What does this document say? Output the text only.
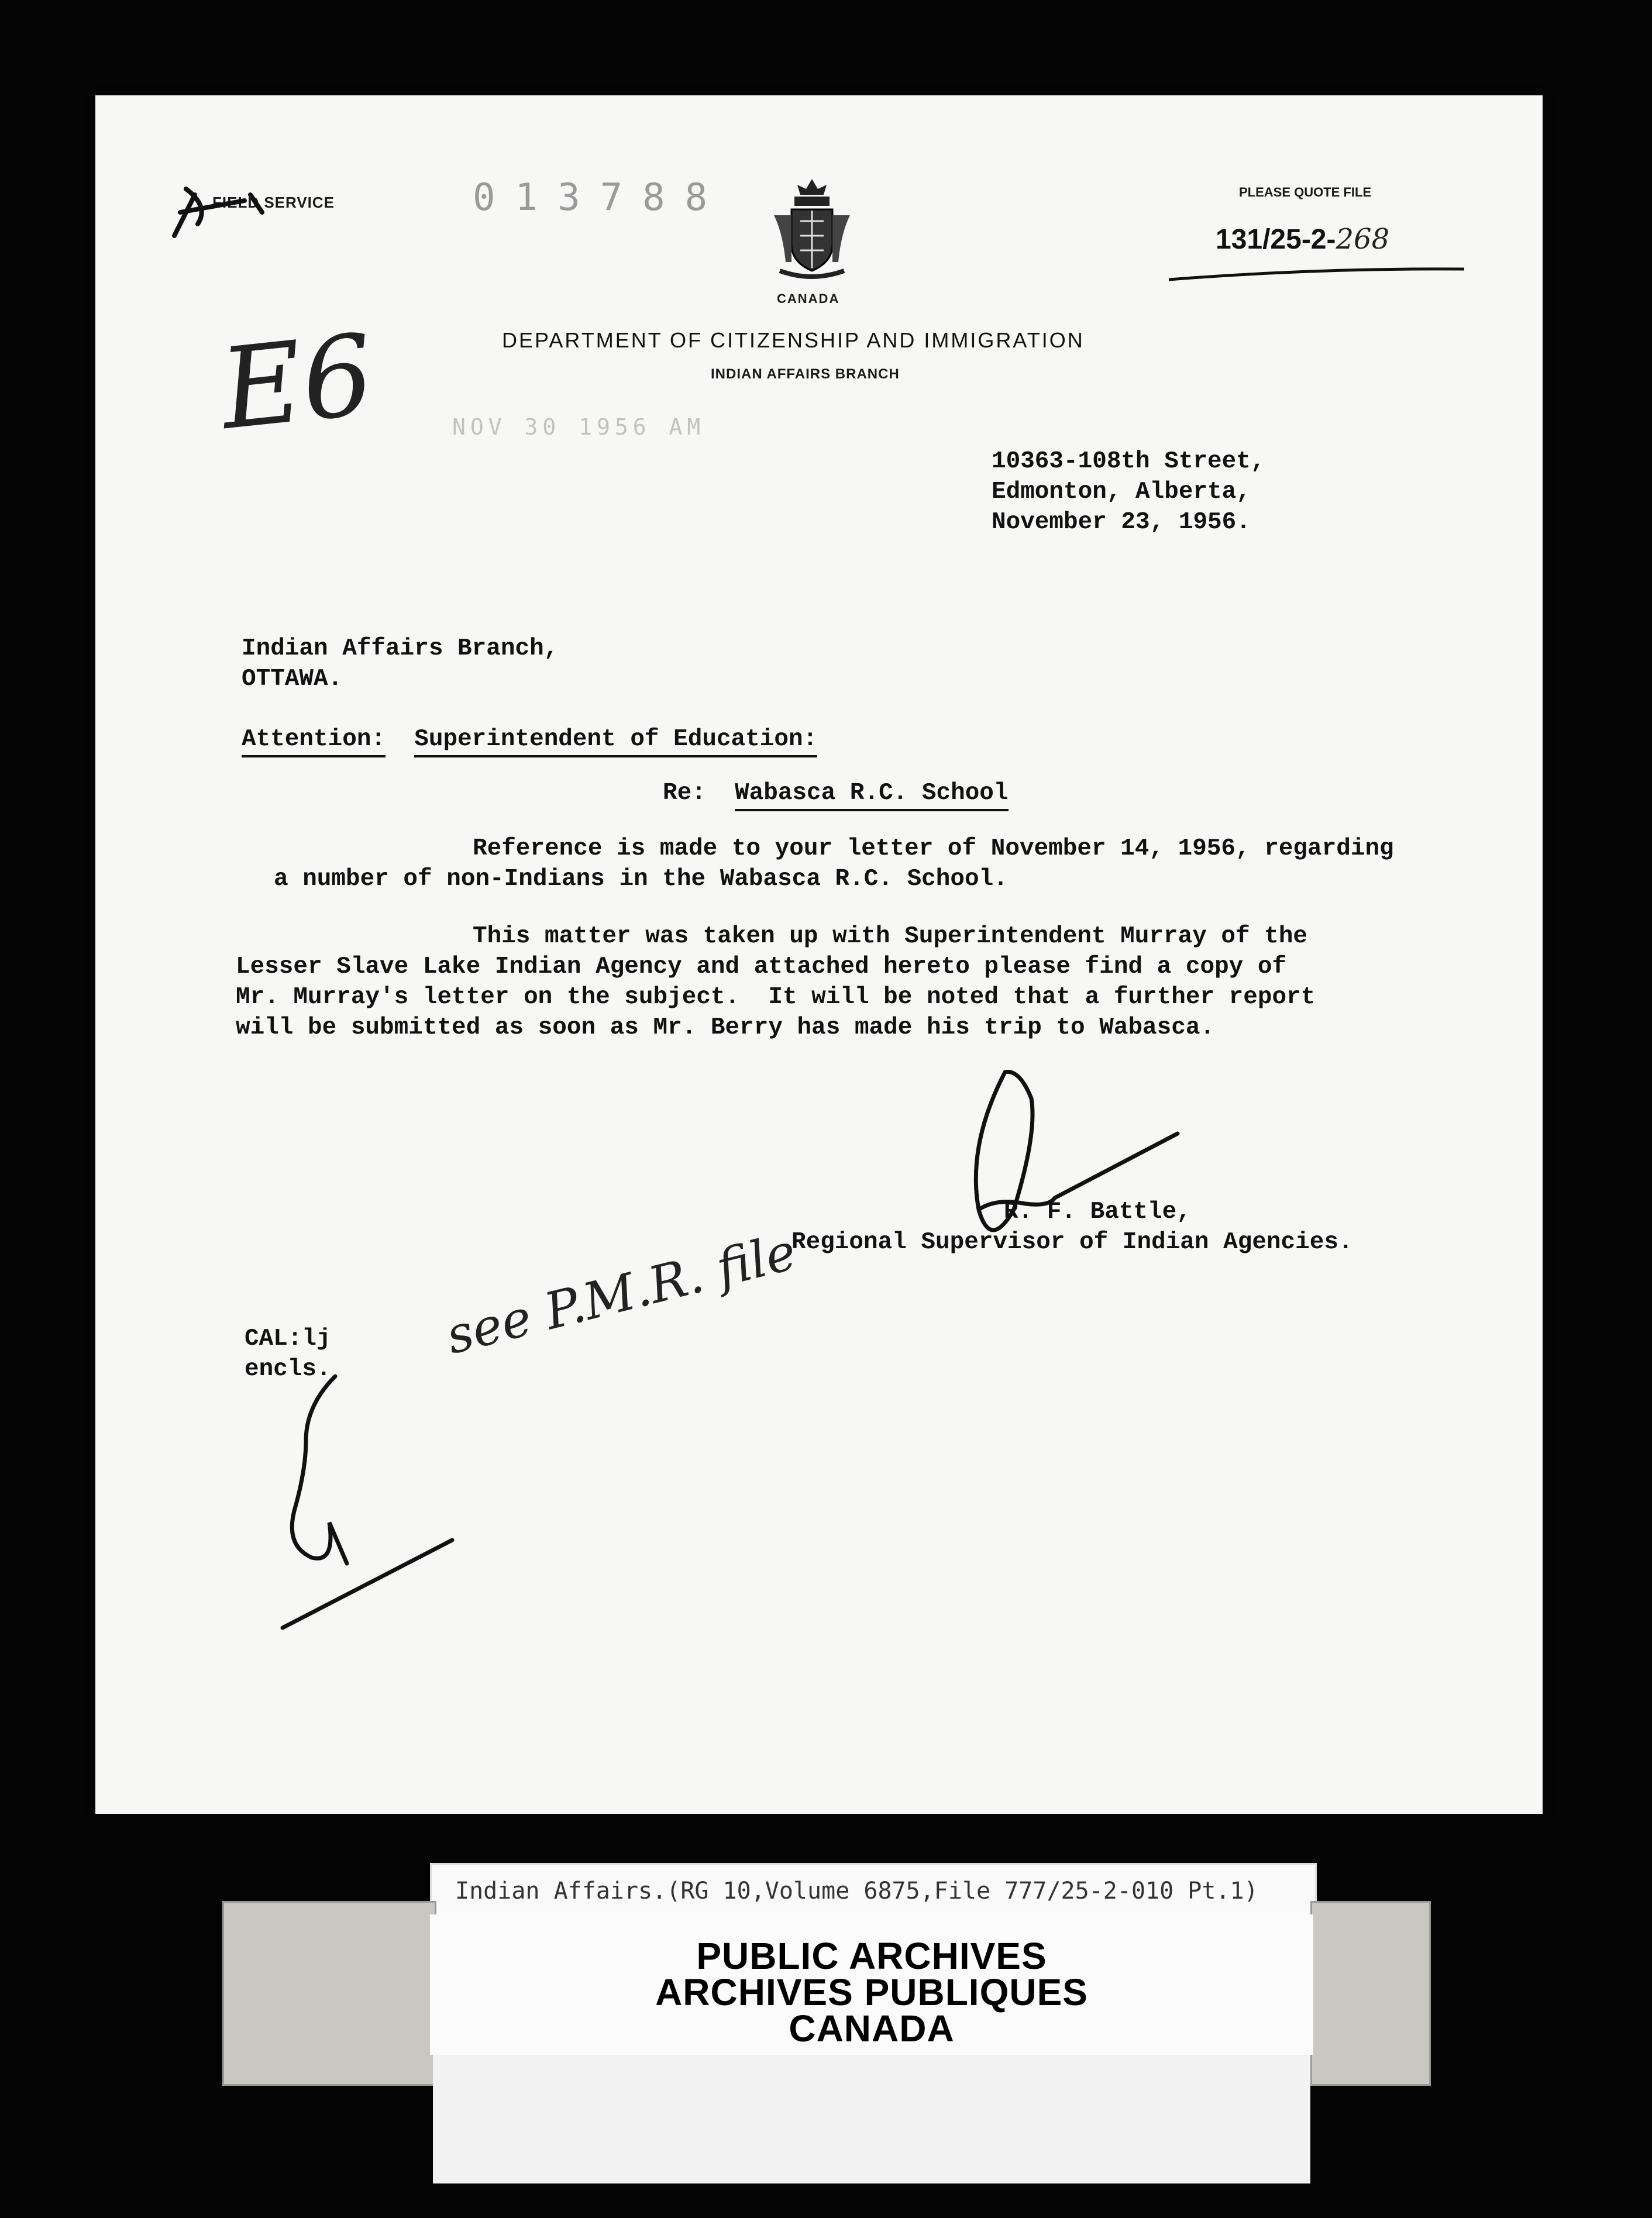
FIELD SERVICE	013788
CANADA
PLEASE QUOTE FILE
131/25-2-268
DEPARTMENT OF CITIZENSHIP AND IMMIGRATION
INDIAN AFFAIRS BRANCH
E6	NOV 30 1956 AM
10363-108th Street,
Edmonton, Alberta,
November 23, 1956.
Indian Affairs Branch,
OTTAWA.
Attention: Superintendent of Education:
Re: Wabasca R.C. School
Reference is made to your letter of November 14, 1956, regarding
a number of non-Indians in the Wabasca R.C. School.
This matter was taken up with Superintendent Murray of the
Lesser Slave Lake Indian Agency and attached hereto please find a copy of
Mr. Murray's letter on the subject.  It will be noted that a further report
will be submitted as soon as Mr. Berry has made his trip to Wabasca.
R. F. Battle,
Regional Supervisor of Indian Agencies.
CAL:lj
encls.
see P.M.R. file
Indian Affairs.(RG 10,Volume 6875,File 777/25-2-010 Pt.1)
PUBLIC ARCHIVES
ARCHIVES PUBLIQUES
CANADA
